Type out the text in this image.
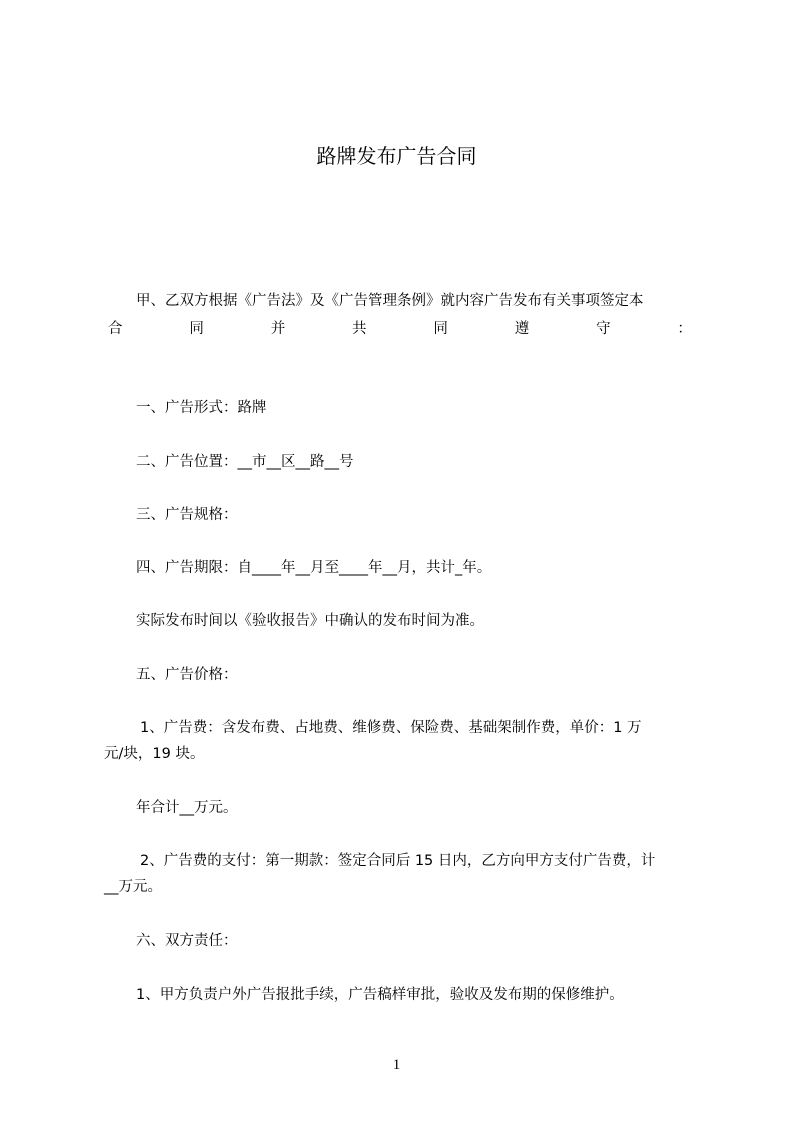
路牌发布广告合同
甲、乙双方根据《广告法》及《广告管理条例》就内容广告发布有关事项签定本
合	同	并	共	同	遵	守	：
一、广告形式：路牌
二、广告位置：__市__区__路__号
三、广告规格：
四、广告期限：自____年__月至____年__月，共计_年。
实际发布时间以《验收报告》中确认的发布时间为准。
五、广告价格：
1、广告费：含发布费、占地费、维修费、保险费、基础架制作费，单价：1 万
元/块，19 块。
年合计__万元。
2、广告费的支付：第一期款：签定合同后 15 日内，乙方向甲方支付广告费，计
__万元。
六、双方责任：
1、甲方负责户外广告报批手续，广告稿样审批，验收及发布期的保修维护。
1
